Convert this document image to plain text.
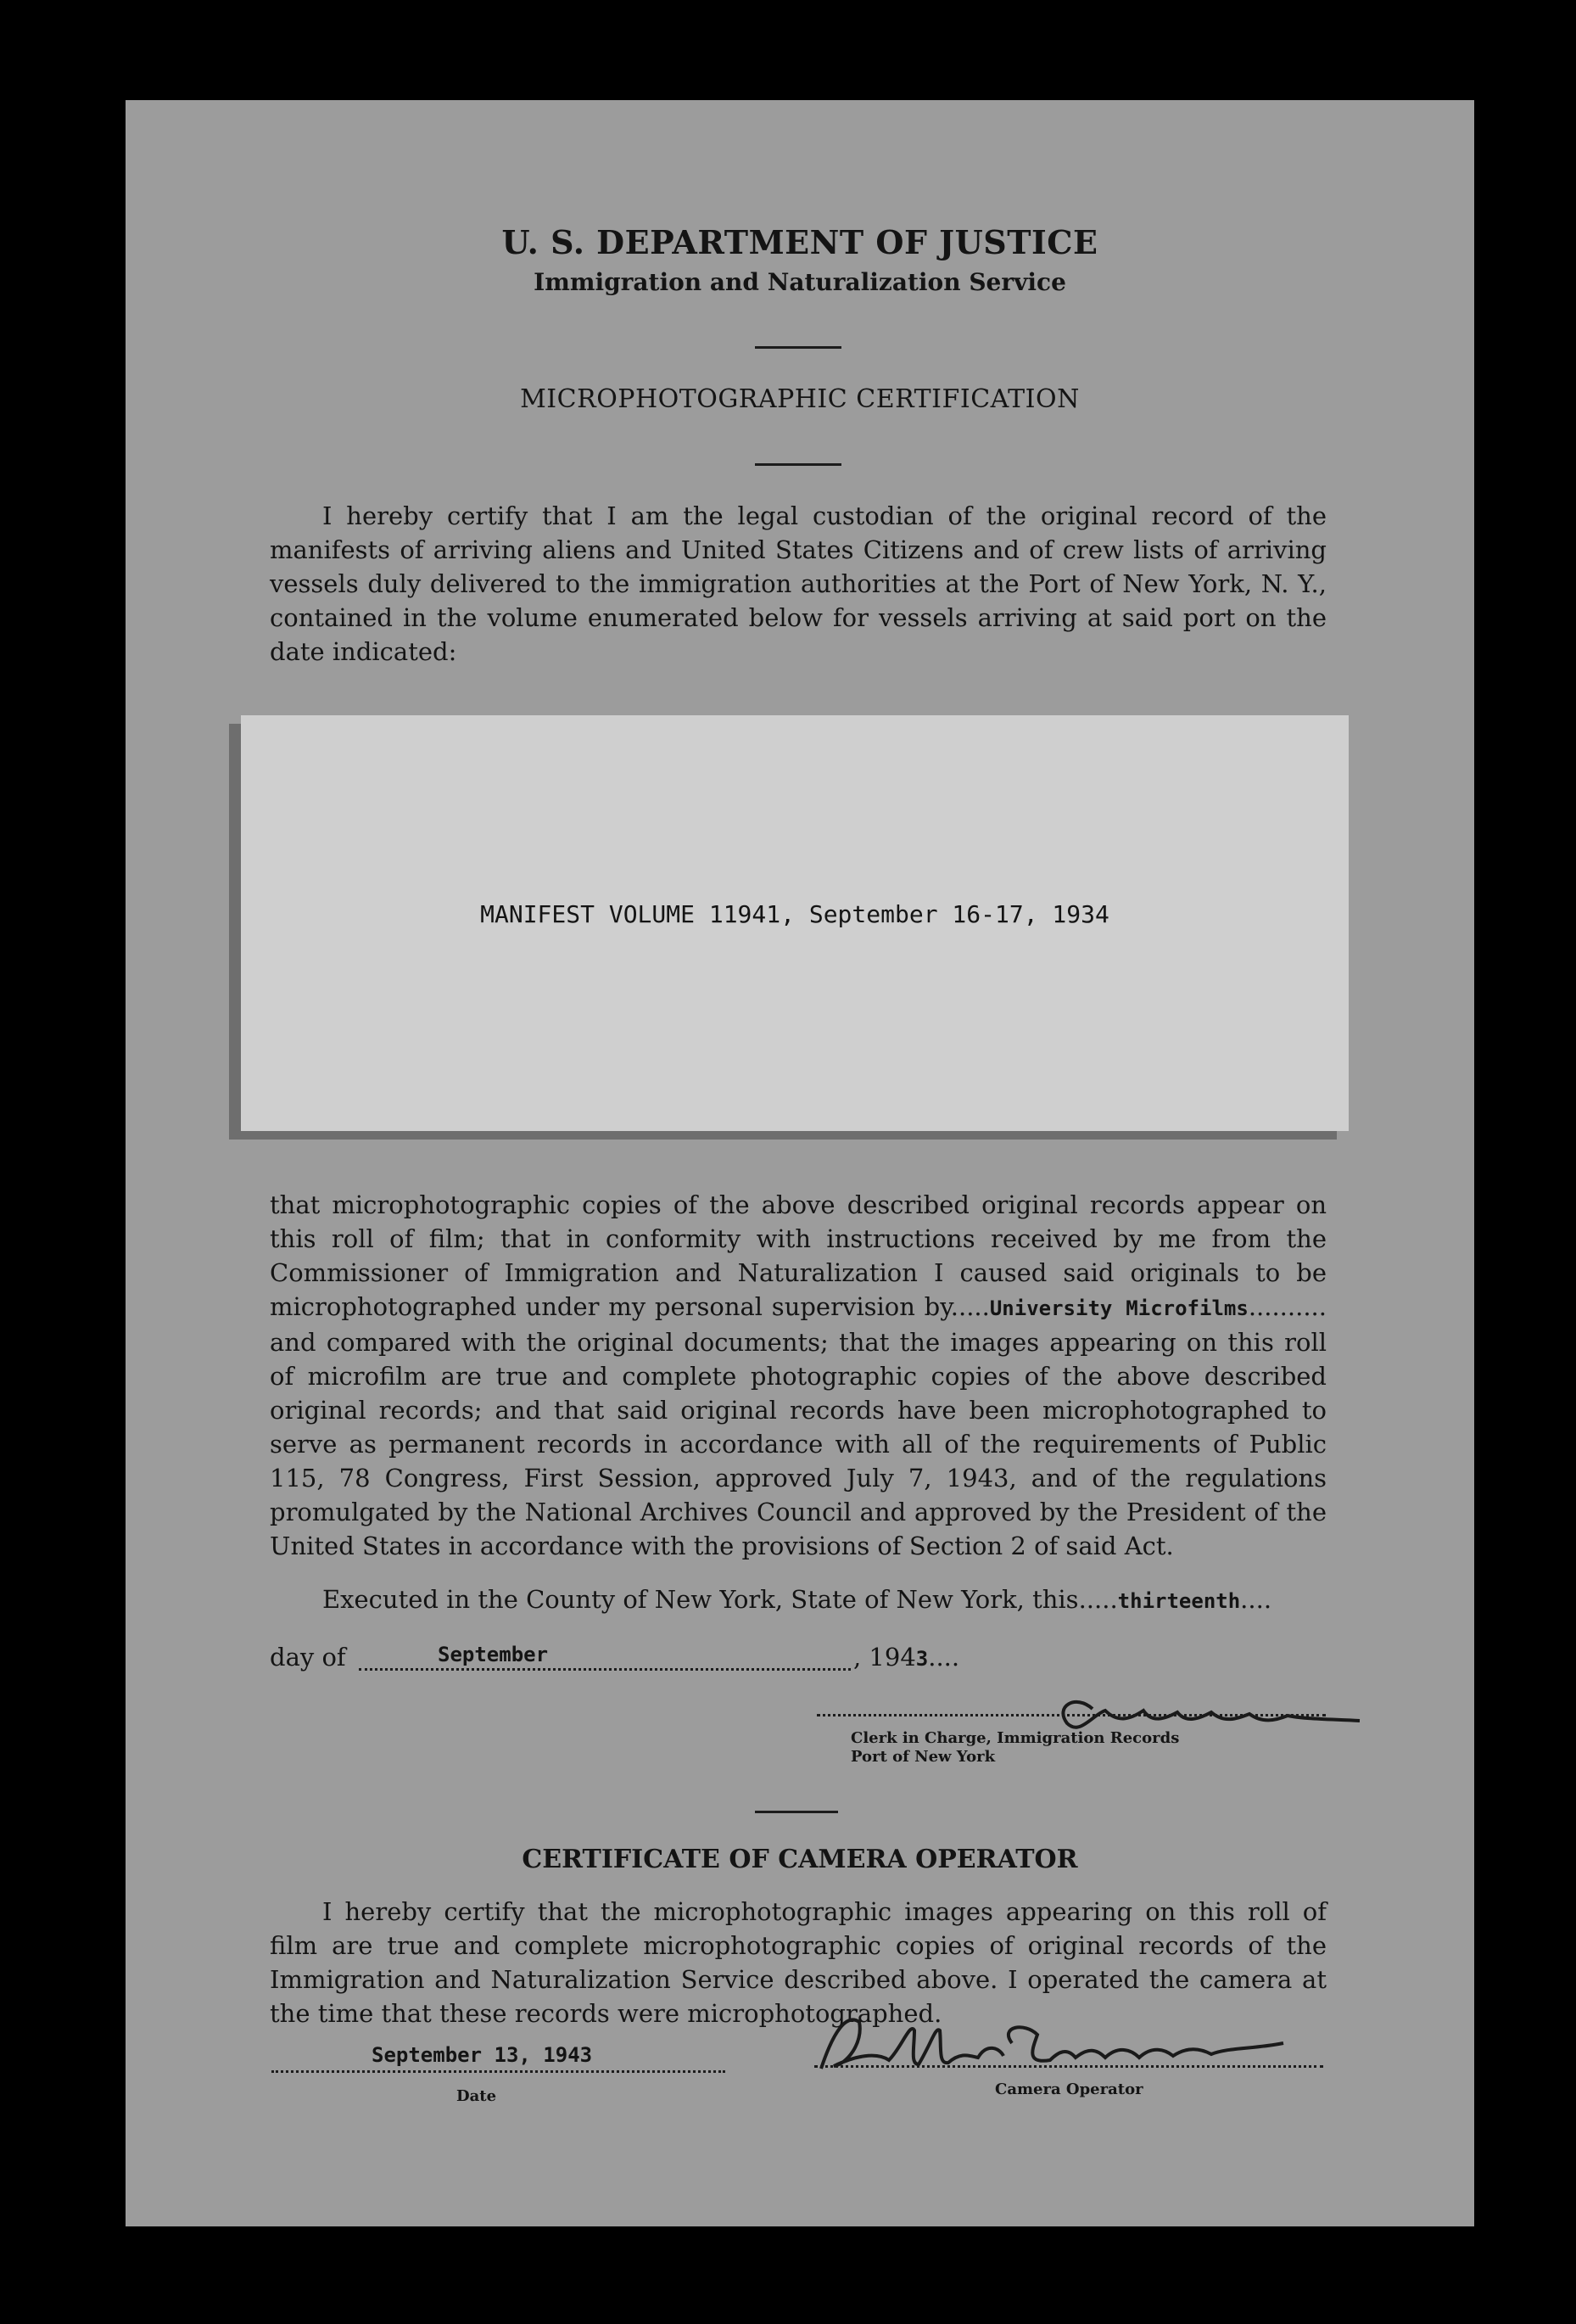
U. S. DEPARTMENT OF JUSTICE
Immigration and Naturalization Service
MICROPHOTOGRAPHIC CERTIFICATION
I hereby certify that I am the legal custodian of the original record of the manifests of arriving aliens and United States Citizens and of crew lists of arriving vessels duly delivered to the immigration authorities at the Port of New York, N. Y., contained in the volume enumerated below for vessels arriving at said port on the date indicated:
MANIFEST VOLUME 11941, September 16-17, 1934
that microphotographic copies of the above described original records appear on this roll of film; that in conformity with instructions received by me from the Commissioner of Immigration and Naturalization I caused said originals to be microphotographed under my personal supervision by.....University Microfilms.......... and compared with the original documents; that the images appearing on this roll of microfilm are true and complete photographic copies of the above described original records; and that said original records have been microphotographed to serve as permanent records in accordance with all of the requirements of Public 115, 78 Congress, First Session, approved July 7, 1943, and of the regulations promulgated by the National Archives Council and approved by the President of the United States in accordance with the provisions of Section 2 of said Act.
Executed in the County of New York, State of New York, this.....thirteenth....
day of	September	, 1943....
Clerk in Charge, Immigration Records
Port of New York
CERTIFICATE OF CAMERA OPERATOR
I hereby certify that the microphotographic images appearing on this roll of film are true and complete microphotographic copies of original records of the Immigration and Naturalization Service described above. I operated the camera at the time that these records were microphotographed.
September 13, 1943
Date	Camera Operator
